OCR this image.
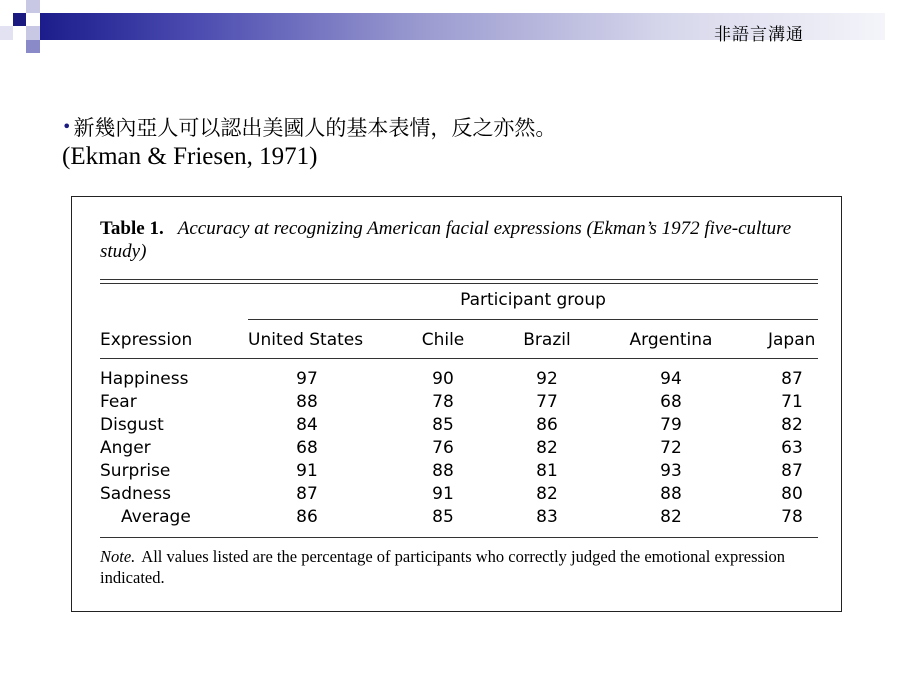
非語言溝通
•新幾內亞人可以認出美國人的基本表情，反之亦然。
(Ekman & Friesen, 1971)
Table 1. Accuracy at recognizing American facial expressions (Ekman’s 1972 five-culture study)
Participant group
Expression	United States	Chile	Brazil	Argentina	Japan
Happiness	97	90	92	94	87
Fear	88	78	77	68	71
Disgust	84	85	86	79	82
Anger	68	76	82	72	63
Surprise	91	88	81	93	87
Sadness	87	91	82	88	80
Average	86	85	83	82	78
Note. All values listed are the percentage of participants who correctly judged the emotional expression indicated.
